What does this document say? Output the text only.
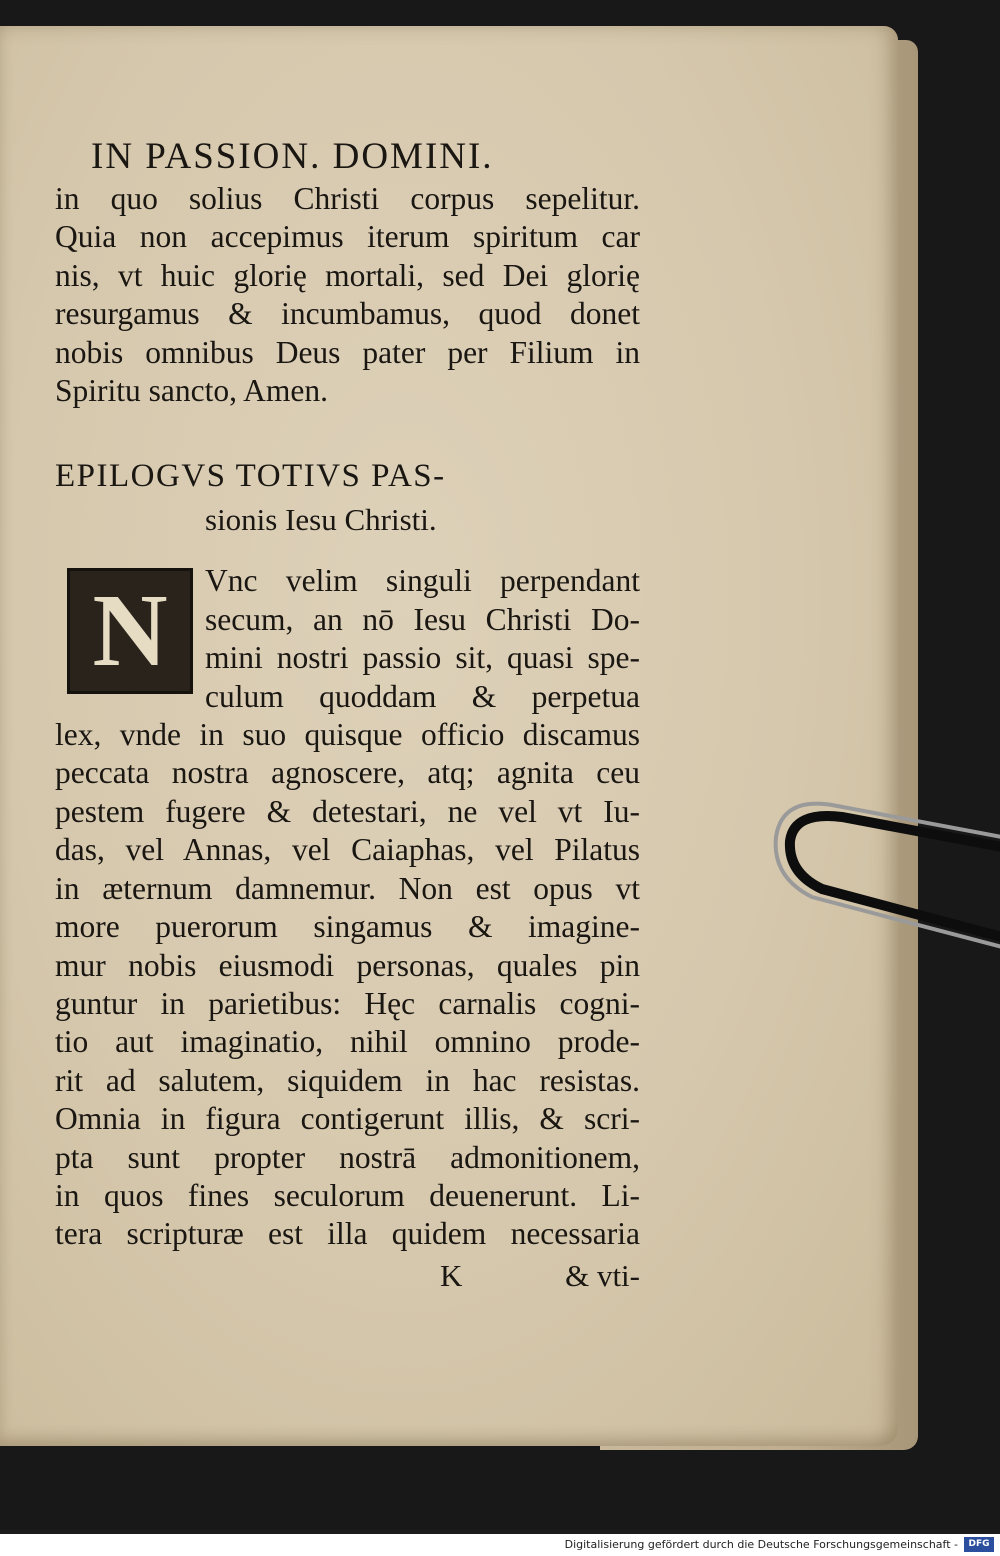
IN PASSION. DOMINI.
in quo solius Christi corpus sepelitur.
Quia non accepimus iterum spiritum car
nis, vt huic glorię mortali, sed Dei glorię
resurgamus & incumbamus, quod donet
nobis omnibus Deus pater per Filium in
Spiritu sancto, Amen.
EPILOGVS TOTIVS PAS-
sionis Iesu Christi.
N	Vnc velim singuli perpendant
secum, an nō Iesu Christi Do-
mini nostri passio sit, quasi spe-
culum quoddam & perpetua
lex, vnde in suo quisque officio discamus
peccata nostra agnoscere, atq; agnita ceu
pestem fugere & detestari, ne vel vt Iu-
das, vel Annas, vel Caiaphas, vel Pilatus
in æternum damnemur. Non est opus vt
more puerorum singamus & imagine-
mur nobis eiusmodi personas, quales pin
guntur in parietibus: Hęc carnalis cogni-
tio aut imaginatio, nihil omnino prode-
rit ad salutem, siquidem in hac resistas.
Omnia in figura contigerunt illis, & scri-
pta sunt propter nostrā admonitionem,
in quos fines seculorum deuenerunt. Li-
tera scripturæ est illa quidem necessaria
K	& vti-
Digitalisierung gefördert durch die Deutsche Forschungsgemeinschaft -	DFG
